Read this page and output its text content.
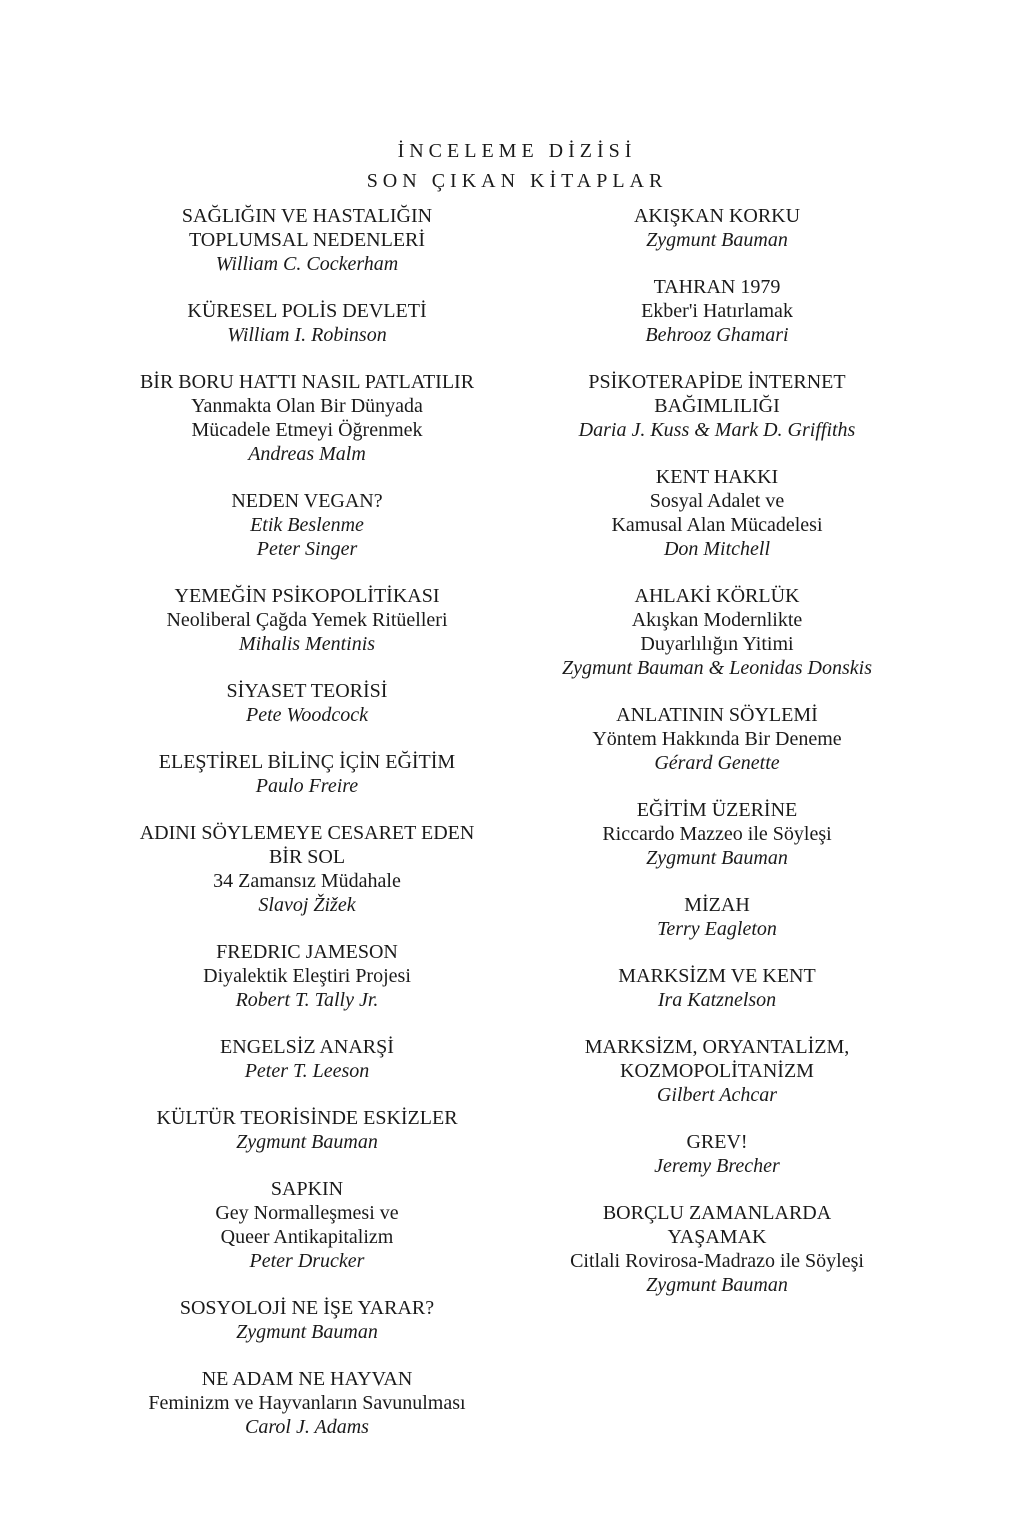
İNCELEME DİZİSİ
SON ÇIKAN KİTAPLAR
SAĞLIĞIN VE HASTALIĞIN
TOPLUMSAL NEDENLERİ
William C. Cockerham
KÜRESEL POLİS DEVLETİ
William I. Robinson
BİR BORU HATTI NASIL PATLATILIR
Yanmakta Olan Bir Dünyada
Mücadele Etmeyi Öğrenmek
Andreas Malm
NEDEN VEGAN?
Etik Beslenme
Peter Singer
YEMEĞİN PSİKOPOLİTİKASI
Neoliberal Çağda Yemek Ritüelleri
Mihalis Mentinis
SİYASET TEORİSİ
Pete Woodcock
ELEŞTİREL BİLİNÇ İÇİN EĞİTİM
Paulo Freire
ADINI SÖYLEMEYE CESARET EDEN
BİR SOL
34 Zamansız Müdahale
Slavoj Žižek
FREDRIC JAMESON
Diyalektik Eleştiri Projesi
Robert T. Tally Jr.
ENGELSİZ ANARŞİ
Peter T. Leeson
KÜLTÜR TEORİSİNDE ESKİZLER
Zygmunt Bauman
SAPKIN
Gey Normalleşmesi ve
Queer Antikapitalizm
Peter Drucker
SOSYOLOJİ NE İŞE YARAR?
Zygmunt Bauman
NE ADAM NE HAYVAN
Feminizm ve Hayvanların Savunulması
Carol J. Adams
AKIŞKAN KORKU
Zygmunt Bauman
TAHRAN 1979
Ekber'i Hatırlamak
Behrooz Ghamari
PSİKOTERAPİDE İNTERNET
BAĞIMLILIĞI
Daria J. Kuss & Mark D. Griffiths
KENT HAKKI
Sosyal Adalet ve
Kamusal Alan Mücadelesi
Don Mitchell
AHLAKİ KÖRLÜK
Akışkan Modernlikte
Duyarlılığın Yitimi
Zygmunt Bauman & Leonidas Donskis
ANLATININ SÖYLEMİ
Yöntem Hakkında Bir Deneme
Gérard Genette
EĞİTİM ÜZERİNE
Riccardo Mazzeo ile Söyleşi
Zygmunt Bauman
MİZAH
Terry Eagleton
MARKSİZM VE KENT
Ira Katznelson
MARKSİZM, ORYANTALİZM,
KOZMOPOLİTANİZM
Gilbert Achcar
GREV!
Jeremy Brecher
BORÇLU ZAMANLARDA
YAŞAMAK
Citlali Rovirosa-Madrazo ile Söyleşi
Zygmunt Bauman
